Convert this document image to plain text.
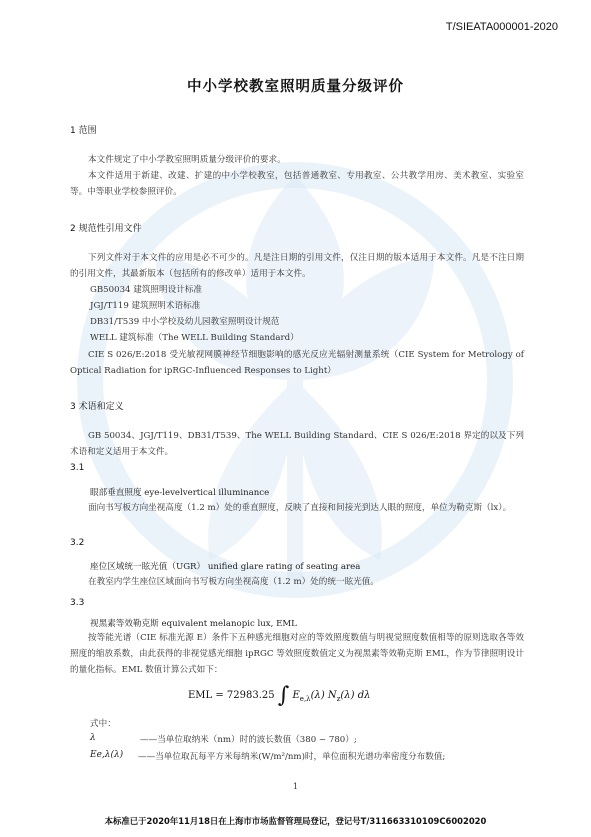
T/SIEATA000001-2020
中小学校教室照明质量分级评价
1 范围
本文件规定了中小学教室照明质量分级评价的要求。
本文件适用于新建、改建、扩建的中小学校教室，包括普通教室、专用教室、公共教学用房、美术教室、实验室等。中等职业学校参照评价。
2 规范性引用文件
下列文件对于本文件的应用是必不可少的。凡是注日期的引用文件，仅注日期的版本适用于本文件。凡是不注日期的引用文件，其最新版本（包括所有的修改单）适用于本文件。
GB50034 建筑照明设计标准
JGJ/T119 建筑照明术语标准
DB31/T539 中小学校及幼儿园教室照明设计规范
WELL 建筑标准（The WELL Building Standard）
CIE S 026/E:2018 受光敏视网膜神经节细胞影响的感光反应光辐射测量系统（CIE System for Metrology of Optical Radiation for ipRGC-Influenced Responses to Light）
3 术语和定义
GB 50034、JGJ/T119、DB31/T539、The WELL Building Standard、CIE S 026/E:2018 界定的以及下列术语和定义适用于本文件。
3.1
眼部垂直照度 eye-levelvertical illuminance
面向书写板方向坐视高度（1.2 m）处的垂直照度，反映了直接和间接光到达人眼的照度，单位为勒克斯（lx）。
3.2
座位区域统一眩光值（UGR） unified glare rating of seating area
在教室内学生座位区域面向书写板方向坐视高度（1.2 m）处的统一眩光值。
3.3
视黑素等效勒克斯 equivalent melanopic lux, EML
按等能光谱（CIE 标准光源 E）条件下五种感光细胞对应的等效照度数值与明视觉照度数值相等的原则选取各等效照度的缩放系数，由此获得的非视觉感光细胞 ipRGC 等效照度数值定义为视黑素等效勒克斯 EML，作为节律照明设计的量化指标。EML 数值计算公式如下：
EML = 72983.25 ∫ $E_{e,\lambda}(\lambda)$ $N_z(\lambda)$ dλ
式中：
λ	——当单位取纳米（nm）时的波长数值（380 ~ 780）;
Ee,λ(λ) ——当单位取瓦每平方米每纳米(W/m²/nm)时，单位面积光谱功率密度分布数值;
1
本标准已于2020年11月18日在上海市市场监督管理局登记，登记号T/311663310109C6002020
